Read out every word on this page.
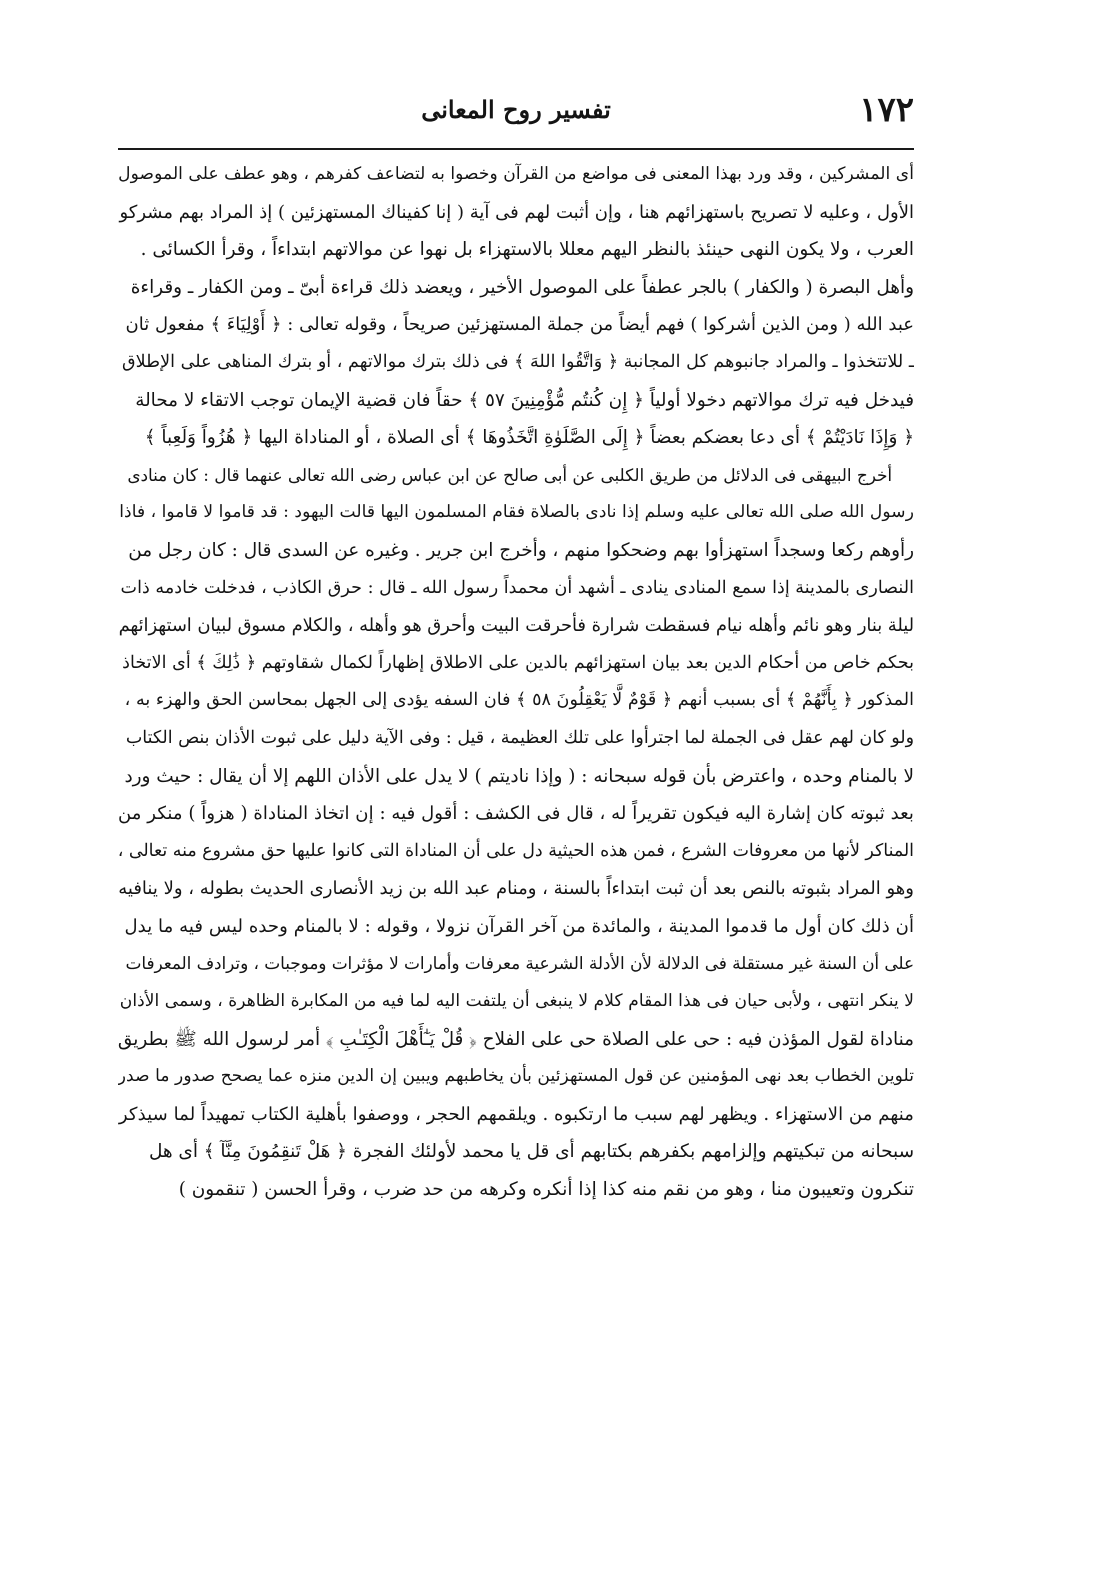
١٧٢
تفسير روح المعانى
أى المشركين ، وقد ورد بهذا المعنى فى مواضع من القرآن وخصوا به لتضاعف كفرهم ، وهو عطف على الموصول
الأول ، وعليه لا تصريح باستهزائهم هنا ، وإن أثبت لهم فى آية ( إنا كفيناك المستهزئين ) إذ المراد بهم مشركو
العرب ، ولا يكون النهى حينئذ بالنظر اليهم معللا بالاستهزاء بل نهوا عن موالاتهم ابتداءاً ، وقرأ الكسائى .
وأهل البصرة ( والكفار ) بالجر عطفاً على الموصول الأخير ، ويعضد ذلك قراءة أبىّ ـ ومن الكفار ـ وقراءة
عبد الله ( ومن الذين أشركوا ) فهم أيضاً من جملة المستهزئين صريحاً ، وقوله تعالى : ﴿ أَوْلِيَاءَ ﴾ مفعول ثان
ـ للاتتخذوا ـ والمراد جانبوهم كل المجانبة ﴿ وَاتَّقُوا اللهَ ﴾ فى ذلك بترك موالاتهم ، أو بترك المناهى على الإطلاق
فيدخل فيه ترك موالاتهم دخولا أولياً ﴿ إِن كُنتُم مُّؤْمِنِينَ ٥٧ ﴾ حقاً فان قضية الإيمان توجب الاتقاء لا محالة
﴿ وَإِذَا نَادَيْتُمْ ﴾ أى دعا بعضكم بعضاً ﴿ إِلَى الصَّلَوٰةِ اتَّخَذُوهَا ﴾ أى الصلاة ، أو المناداة اليها ﴿ هُزُواً وَلَعِباً ﴾
أخرج البيهقى فى الدلائل من طريق الكلبى عن أبى صالح عن ابن عباس رضى الله تعالى عنهما قال : كان منادى
رسول الله صلى الله تعالى عليه وسلم إذا نادى بالصلاة فقام المسلمون اليها قالت اليهود : قد قاموا لا قاموا ، فاذا
رأوهم ركعا وسجداً استهزأوا بهم وضحكوا منهم ، وأخرج ابن جرير . وغيره عن السدى قال : كان رجل من
النصارى بالمدينة إذا سمع المنادى ينادى ـ أشهد أن محمداً رسول الله ـ قال : حرق الكاذب ، فدخلت خادمه ذات
ليلة بنار وهو نائم وأهله نيام فسقطت شرارة فأحرقت البيت وأحرق هو وأهله ، والكلام مسوق لبيان استهزائهم
بحكم خاص من أحكام الدين بعد بيان استهزائهم بالدين على الاطلاق إظهاراً لكمال شقاوتهم ﴿ ذَٰلِكَ ﴾ أى الاتخاذ
المذكور ﴿ بِأَنَّهُمْ ﴾ أى بسبب أنهم ﴿ قَوْمٌ لَّا يَعْقِلُونَ ٥٨ ﴾ فان السفه يؤدى إلى الجهل بمحاسن الحق والهزء به ،
ولو كان لهم عقل فى الجملة لما اجترأوا على تلك العظيمة ، قيل : وفى الآية دليل على ثبوت الأذان بنص الكتاب
لا بالمنام وحده ، واعترض بأن قوله سبحانه : ( وإذا ناديتم ) لا يدل على الأذان اللهم إلا أن يقال : حيث ورد
بعد ثبوته كان إشارة اليه فيكون تقريراً له ، قال فى الكشف : أقول فيه : إن اتخاذ المناداة ( هزواً ) منكر من
المناكر لأنها من معروفات الشرع ، فمن هذه الحيثية دل على أن المناداة التى كانوا عليها حق مشروع منه تعالى ،
وهو المراد بثبوته بالنص بعد أن ثبت ابتداءاً بالسنة ، ومنام عبد الله بن زيد الأنصارى الحديث بطوله ، ولا ينافيه
أن ذلك كان أول ما قدموا المدينة ، والمائدة من آخر القرآن نزولا ، وقوله : لا بالمنام وحده ليس فيه ما يدل
على أن السنة غير مستقلة فى الدلالة لأن الأدلة الشرعية معرفات وأمارات لا مؤثرات وموجبات ، وترادف المعرفات
لا ينكر انتهى ، ولأبى حيان فى هذا المقام كلام لا ينبغى أن يلتفت اليه لما فيه من المكابرة الظاهرة ، وسمى الأذان
مناداة لقول المؤذن فيه : حى على الصلاة حى على الفلاح ﴿ قُلْ يَـٰٓأَهْلَ الْكِتَـٰبِ ﴾ أمر لرسول الله ﷺ بطريق
تلوين الخطاب بعد نهى المؤمنين عن قول المستهزئين بأن يخاطبهم ويبين إن الدين منزه عما يصحح صدور ما صدر
منهم من الاستهزاء . ويظهر لهم سبب ما ارتكبوه . ويلقمهم الحجر ، ووصفوا بأهلية الكتاب تمهيداً لما سيذكر
سبحانه من تبكيتهم وإلزامهم بكفرهم بكتابهم أى قل يا محمد لأولئك الفجرة ﴿ هَلْ تَنقِمُونَ مِنَّآ ﴾ أى هل
تنكرون وتعيبون منا ، وهو من نقم منه كذا إذا أنكره وكرهه من حد ضرب ، وقرأ الحسن ( تنقمون )
